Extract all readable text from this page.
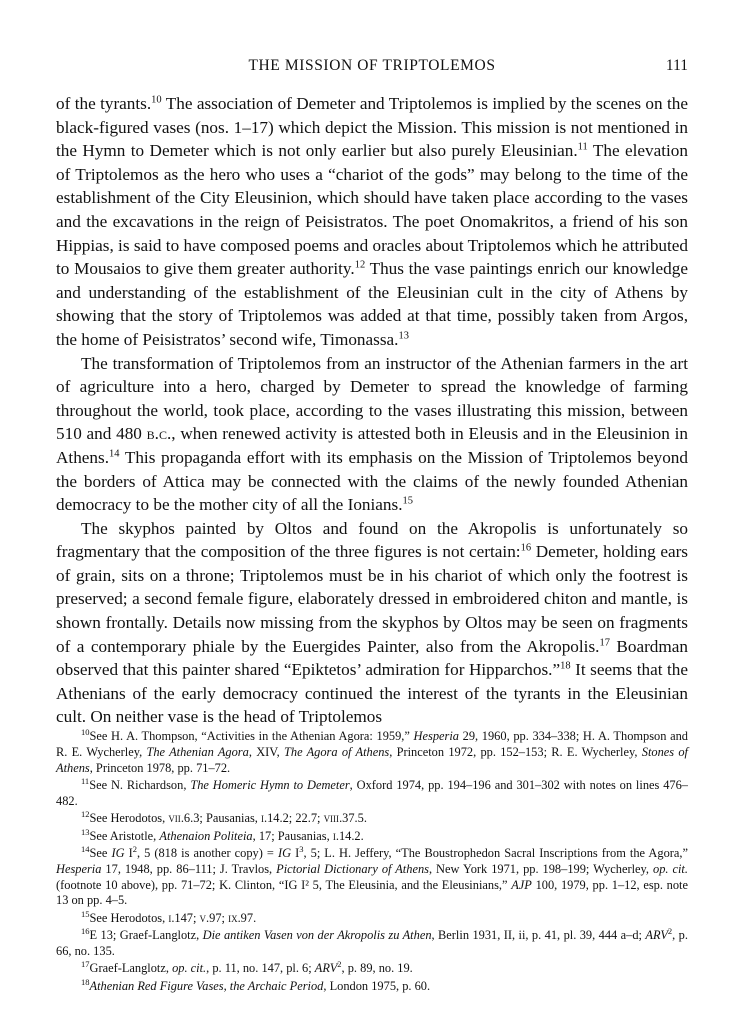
THE MISSION OF TRIPTOLEMOS	111

of the tyrants.$^{10}$ The association of Demeter and Triptolemos is implied by the scenes on the black-figured vases (nos. 1–17) which depict the Mission. This mission is not mentioned in the Hymn to Demeter which is not only earlier but also purely Eleusinian.$^{11}$ The elevation of Triptolemos as the hero who uses a “chariot of the gods” may belong to the time of the establishment of the City Eleusinion, which should have taken place according to the vases and the excavations in the reign of Peisistratos. The poet Onomakritos, a friend of his son Hippias, is said to have composed poems and oracles about Triptolemos which he attributed to Mousaios to give them greater authority.$^{12}$ Thus the vase paintings enrich our knowledge and understanding of the establishment of the Eleusinian cult in the city of Athens by showing that the story of Triptolemos was added at that time, possibly taken from Argos, the home of Peisistratos’ second wife, Timonassa.$^{13}$

The transformation of Triptolemos from an instructor of the Athenian farmers in the art of agriculture into a hero, charged by Demeter to spread the knowledge of farming throughout the world, took place, according to the vases illustrating this mission, between 510 and 480 b.c., when renewed activity is attested both in Eleusis and in the Eleusinion in Athens.$^{14}$ This propaganda effort with its emphasis on the Mission of Triptolemos beyond the borders of Attica may be connected with the claims of the newly founded Athenian democracy to be the mother city of all the Ionians.$^{15}$

The skyphos painted by Oltos and found on the Akropolis is unfortunately so fragmentary that the composition of the three figures is not certain:$^{16}$ Demeter, holding ears of grain, sits on a throne; Triptolemos must be in his chariot of which only the footrest is preserved; a second female figure, elaborately dressed in embroidered chiton and mantle, is shown frontally. Details now missing from the skyphos by Oltos may be seen on fragments of a contemporary phiale by the Euergides Painter, also from the Akropolis.$^{17}$ Boardman observed that this painter shared “Epiktetos’ admiration for Hipparchos.”$^{18}$ It seems that the Athenians of the early democracy continued the interest of the tyrants in the Eleusinian cult. On neither vase is the head of Triptolemos

$^{10}$See H. A. Thompson, “Activities in the Athenian Agora: 1959,” Hesperia 29, 1960, pp. 334–338; H. A. Thompson and R. E. Wycherley, The Athenian Agora, XIV, The Agora of Athens, Princeton 1972, pp. 152–153; R. E. Wycherley, Stones of Athens, Princeton 1978, pp. 71–72.

$^{11}$See N. Richardson, The Homeric Hymn to Demeter, Oxford 1974, pp. 194–196 and 301–302 with notes on lines 476–482.

$^{12}$See Herodotos, vii.6.3; Pausanias, i.14.2; 22.7; viii.37.5.

$^{13}$See Aristotle, Athenaion Politeia, 17; Pausanias, i.14.2.

$^{14}$See IG $I^2$, 5 (818 is another copy) = IG $I^3$, 5; L. H. Jeffery, “The Boustrophedon Sacral Inscriptions from the Agora,” Hesperia 17, 1948, pp. 86–111; J. Travlos, Pictorial Dictionary of Athens, New York 1971, pp. 198–199; Wycherley, op. cit. (footnote 10 above), pp. 71–72; K. Clinton, “IG I² 5, The Eleusinia, and the Eleusinians,” AJP 100, 1979, pp. 1–12, esp. note 13 on pp. 4–5.

$^{15}$See Herodotos, i.147; v.97; ix.97.

$^{16}$E 13; Graef-Langlotz, Die antiken Vasen von der Akropolis zu Athen, Berlin 1931, II, ii, p. 41, pl. 39, 444 a–d; ARV$^2$, p. 66, no. 135.

$^{17}$Graef-Langlotz, op. cit., p. 11, no. 147, pl. 6; ARV$^2$, p. 89, no. 19.

$^{18}$Athenian Red Figure Vases, the Archaic Period, London 1975, p. 60.
